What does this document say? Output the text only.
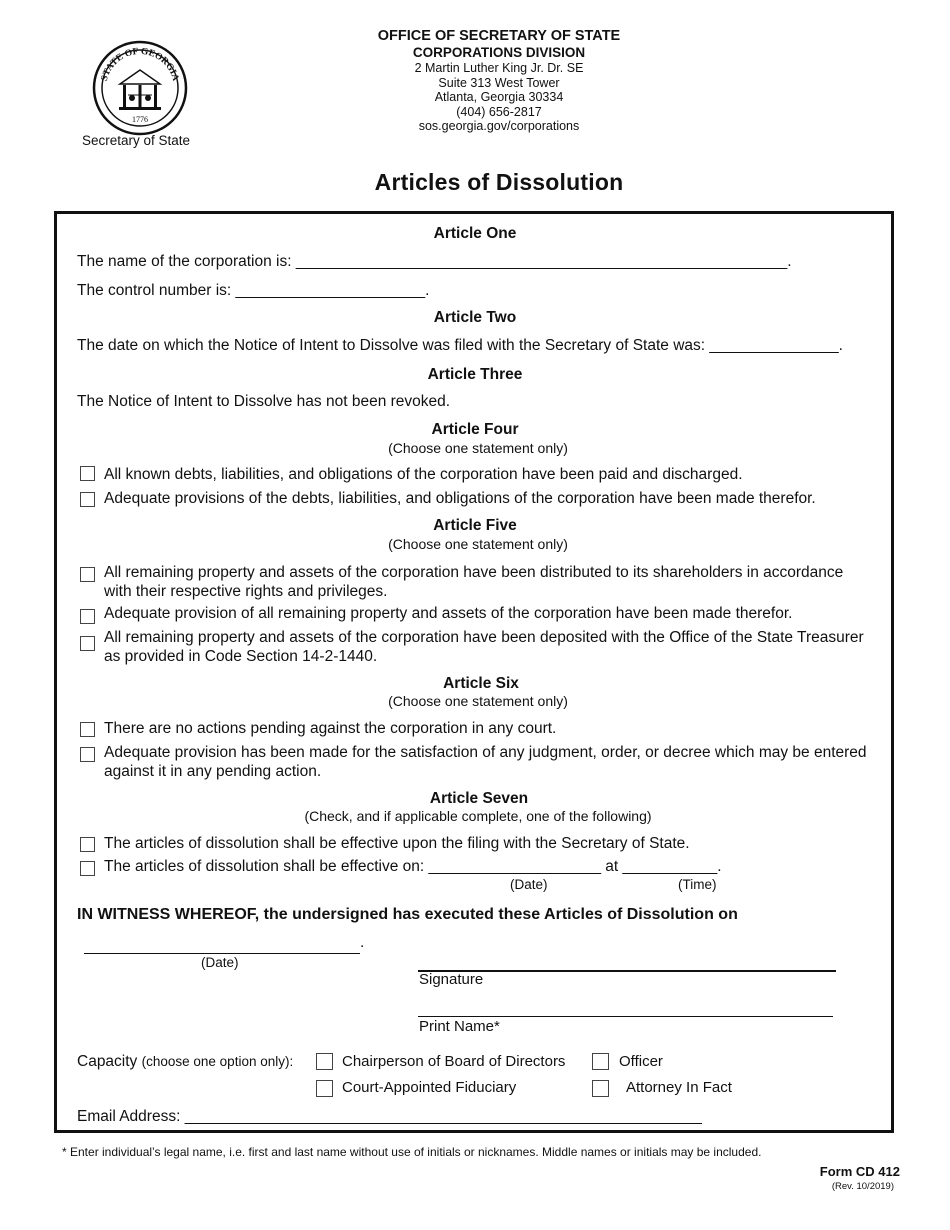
STATE OF GEORGIA
1776
Secretary of State
OFFICE OF SECRETARY OF STATE
CORPORATIONS DIVISION
2 Martin Luther King Jr. Dr. SE
Suite 313 West Tower
Atlanta, Georgia 30334
(404) 656-2817
sos.georgia.gov/corporations
Articles of Dissolution
Article One
The name of the corporation is: _________________________________________________________.
The control number is: ______________________.
Article Two
The date on which the Notice of Intent to Dissolve was filed with the Secretary of State was: _______________.
Article Three
The Notice of Intent to Dissolve has not been revoked.
Article Four
(Choose one statement only)
All known debts, liabilities, and obligations of the corporation have been paid and discharged.
Adequate provisions of the debts, liabilities, and obligations of the corporation have been made therefor.
Article Five
(Choose one statement only)
All remaining property and assets of the corporation have been distributed to its shareholders in accordance with their respective rights and privileges.
Adequate provision of all remaining property and assets of the corporation have been made therefor.
All remaining property and assets of the corporation have been deposited with the Office of the State Treasurer as provided in Code Section 14-2-1440.
Article Six
(Choose one statement only)
There are no actions pending against the corporation in any court.
Adequate provision has been made for the satisfaction of any judgment, order, or decree which may be entered against it in any pending action.
Article Seven
(Check, and if applicable complete, one of the following)
The articles of dissolution shall be effective upon the filing with the Secretary of State.
The articles of dissolution shall be effective on: ____________________ at ___________.
(Date)	(Time)
IN WITNESS WHEREOF, the undersigned has executed these Articles of Dissolution on
.
(Date)
Signature
Print Name*
Capacity (choose one option only):	Chairperson of Board of Directors	Officer
Court-Appointed Fiduciary	Attorney In Fact
Email Address: ____________________________________________________________
* Enter individual’s legal name, i.e. first and last name without use of initials or nicknames. Middle names or initials may be included.
Form CD 412
(Rev. 10/2019)
